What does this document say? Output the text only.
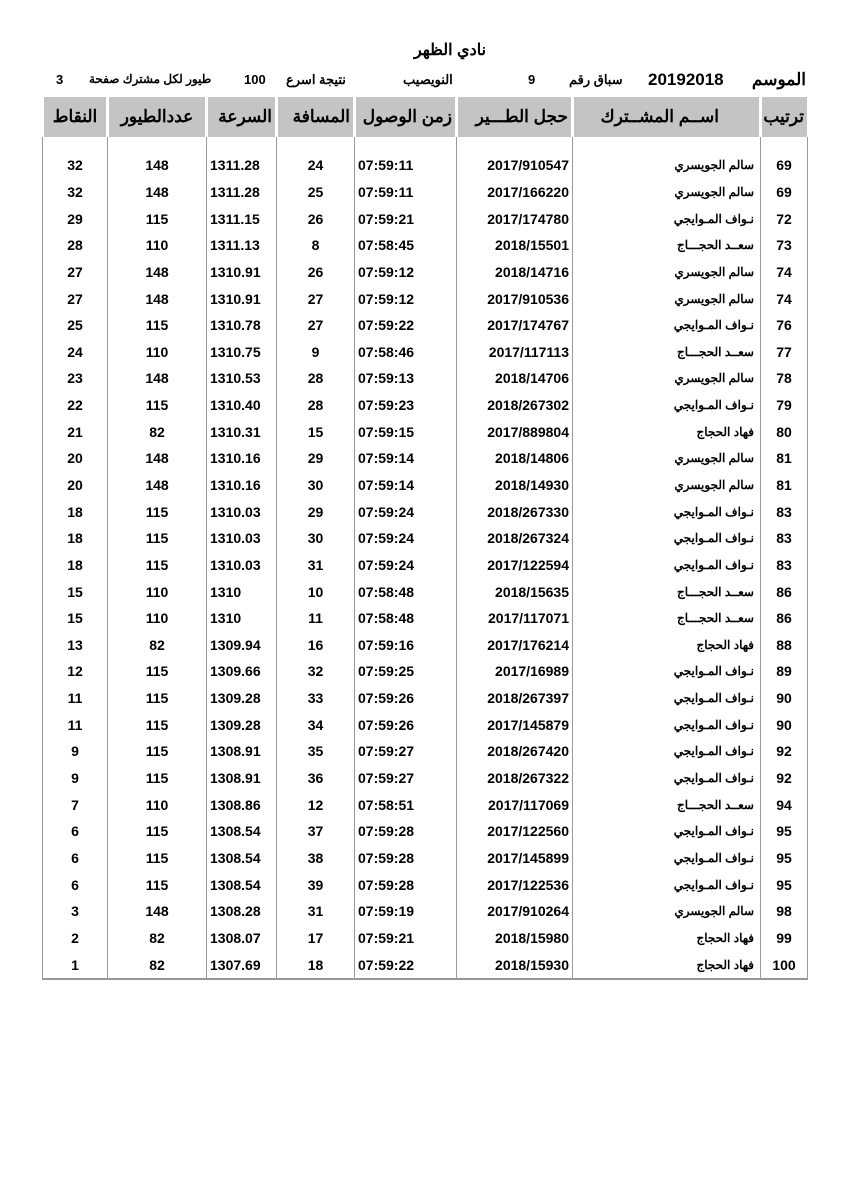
نادي الظهر
الموسم
20192018
سباق رقم
9
النويصيب
نتيجة اسرع
100
طيور لكل مشترك صفحة
3
ترتيب	اســم المشــترك	حجل الطـــير	زمن الوصول	المسافة	السرعة	عددالطيور	النقاط

69	سالم الجويسري	2017/910547	07:59:11	24	1311.28	148	32
69	سالم الجويسري	2017/166220	07:59:11	25	1311.28	148	32
72	نـواف المـوايجي	2017/174780	07:59:21	26	1311.15	115	29
73	سعــد الحجـــاج	2018/15501	07:58:45	8	1311.13	110	28
74	سالم الجويسري	2018/14716	07:59:12	26	1310.91	148	27
74	سالم الجويسري	2017/910536	07:59:12	27	1310.91	148	27
76	نـواف المـوايجي	2017/174767	07:59:22	27	1310.78	115	25
77	سعــد الحجـــاج	2017/117113	07:58:46	9	1310.75	110	24
78	سالم الجويسري	2018/14706	07:59:13	28	1310.53	148	23
79	نـواف المـوايجي	2018/267302	07:59:23	28	1310.40	115	22
80	فهاد الحجاج	2017/889804	07:59:15	15	1310.31	82	21
81	سالم الجويسري	2018/14806	07:59:14	29	1310.16	148	20
81	سالم الجويسري	2018/14930	07:59:14	30	1310.16	148	20
83	نـواف المـوايجي	2018/267330	07:59:24	29	1310.03	115	18
83	نـواف المـوايجي	2018/267324	07:59:24	30	1310.03	115	18
83	نـواف المـوايجي	2017/122594	07:59:24	31	1310.03	115	18
86	سعــد الحجـــاج	2018/15635	07:58:48	10	1310	110	15
86	سعــد الحجـــاج	2017/117071	07:58:48	11	1310	110	15
88	فهاد الحجاج	2017/176214	07:59:16	16	1309.94	82	13
89	نـواف المـوايجي	2017/16989	07:59:25	32	1309.66	115	12
90	نـواف المـوايجي	2018/267397	07:59:26	33	1309.28	115	11
90	نـواف المـوايجي	2017/145879	07:59:26	34	1309.28	115	11
92	نـواف المـوايجي	2018/267420	07:59:27	35	1308.91	115	9
92	نـواف المـوايجي	2018/267322	07:59:27	36	1308.91	115	9
94	سعــد الحجـــاج	2017/117069	07:58:51	12	1308.86	110	7
95	نـواف المـوايجي	2017/122560	07:59:28	37	1308.54	115	6
95	نـواف المـوايجي	2017/145899	07:59:28	38	1308.54	115	6
95	نـواف المـوايجي	2017/122536	07:59:28	39	1308.54	115	6
98	سالم الجويسري	2017/910264	07:59:19	31	1308.28	148	3
99	فهاد الحجاج	2018/15980	07:59:21	17	1308.07	82	2
100	فهاد الحجاج	2018/15930	07:59:22	18	1307.69	82	1
